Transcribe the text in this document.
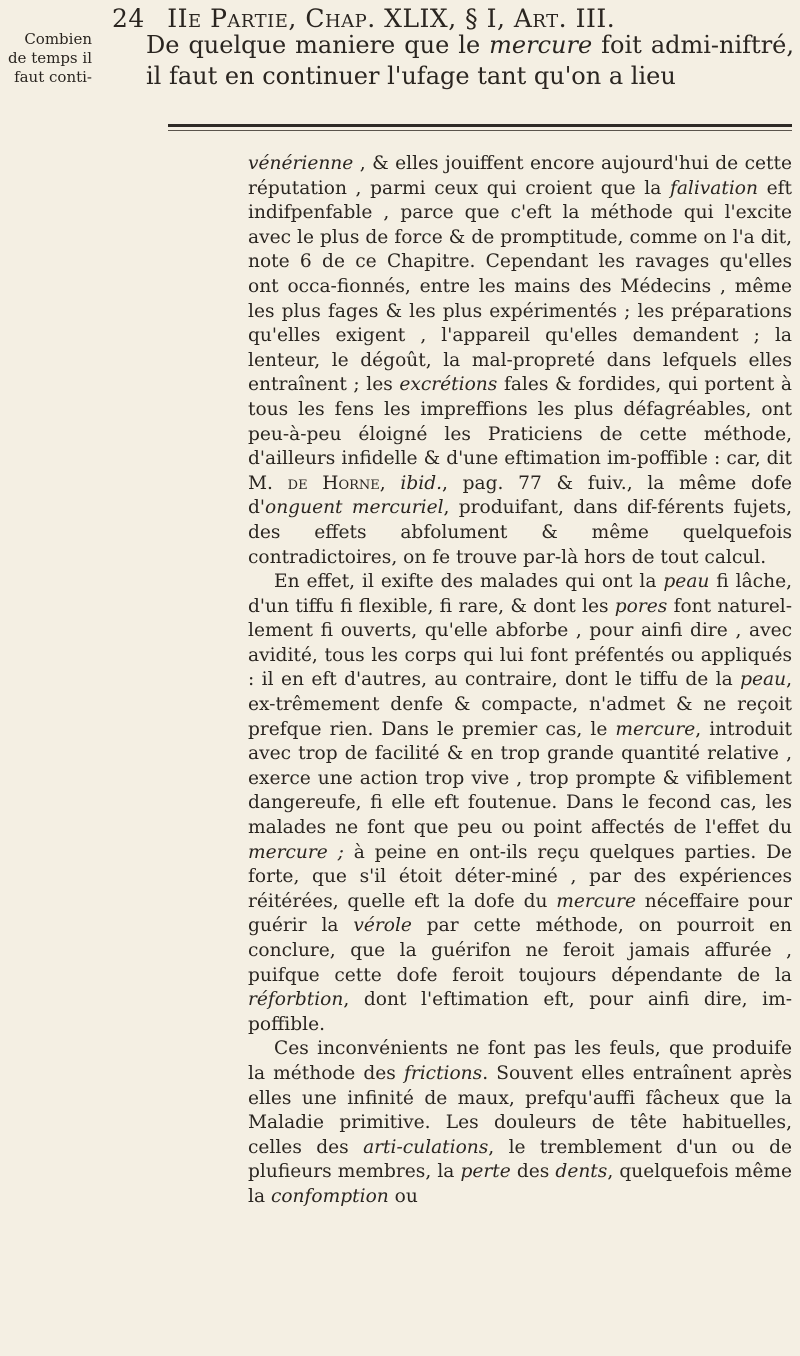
24 IIe Partie, Chap. XLIX, § I, Art. III.
Combien
de temps il
faut conti-
De quelque maniere que le mercure foit admi-niftré, il faut en continuer l'ufage tant qu'on a lieu

vénérienne , & elles jouiffent encore aujourd'hui de cette réputation , parmi ceux qui croient que la falivation eft indifpenfable , parce que c'eft la méthode qui l'excite avec le plus de force & de promptitude, comme on l'a dit, note 6 de ce Chapitre. Cependant les ravages qu'elles ont occa-fionnés, entre les mains des Médecins , même les plus fages & les plus expérimentés ; les préparations qu'elles exigent , l'appareil qu'elles demandent ; la lenteur, le dégoût, la mal-propreté dans lefquels elles entraînent ; les excrétions fales & fordides, qui portent à tous les fens les impreffions les plus défagréables, ont peu-à-peu éloigné les Praticiens de cette méthode, d'ailleurs infidelle & d'une eftimation im-poffible : car, dit M. de Horne, ibid., pag. 77 & fuiv., la même dofe d'onguent mercuriel, produifant, dans dif-férents fujets, des effets abfolument & même quelquefois contradictoires, on fe trouve par-là hors de tout calcul.

En effet, il exifte des malades qui ont la peau fi lâche, d'un tiffu fi flexible, fi rare, & dont les pores font naturel-lement fi ouverts, qu'elle abforbe , pour ainfi dire , avec avidité, tous les corps qui lui font préfentés ou appliqués : il en eft d'autres, au contraire, dont le tiffu de la peau, ex-trêmement denfe & compacte, n'admet & ne reçoit prefque rien. Dans le premier cas, le mercure, introduit avec trop de facilité & en trop grande quantité relative , exerce une action trop vive , trop prompte & vifiblement dangereufe, fi elle eft foutenue. Dans le fecond cas, les malades ne font que peu ou point affectés de l'effet du mercure ; à peine en ont-ils reçu quelques parties. De forte, que s'il étoit déter-miné , par des expériences réitérées, quelle eft la dofe du mercure néceffaire pour guérir la vérole par cette méthode, on pourroit en conclure, que la guérifon ne feroit jamais affurée , puifque cette dofe feroit toujours dépendante de la réforbtion, dont l'eftimation eft, pour ainfi dire, im-poffible.

Ces inconvénients ne font pas les feuls, que produife la méthode des frictions. Souvent elles entraînent après elles une infinité de maux, prefqu'auffi fâcheux que la Maladie primitive. Les douleurs de tête habituelles, celles des arti-culations, le tremblement d'un ou de plufieurs membres, la perte des dents, quelquefois même la confomption ou
